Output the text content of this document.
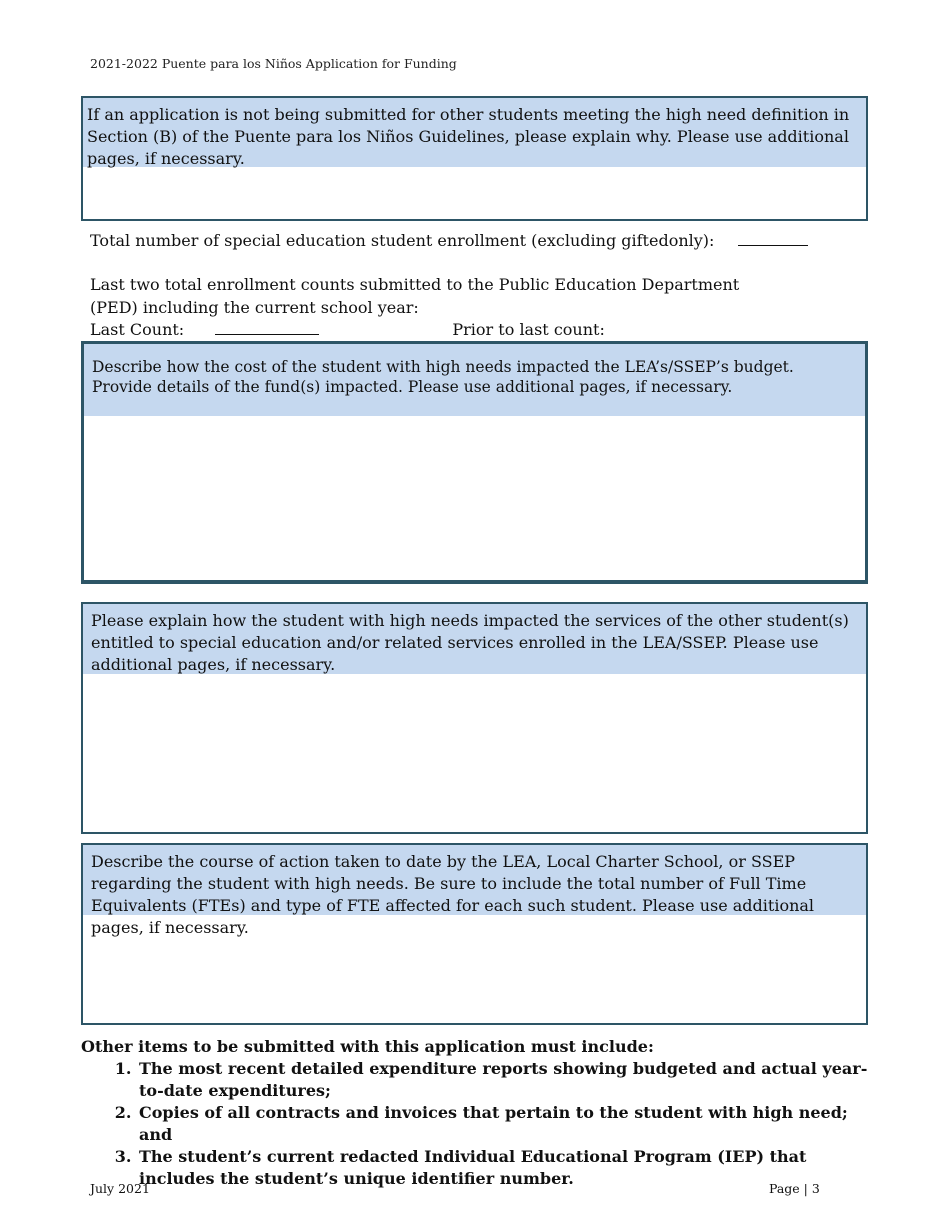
2021-2022 Puente para los Niños Application for Funding
If an application is not being submitted for other students meeting the high need definition in Section (B) of the Puente para los Niños Guidelines, please explain why. Please use additional pages, if necessary.
Total number of special education student enrollment (excluding giftedonly):
Last two total enrollment counts submitted to the Public Education Department
(PED) including the current school year:
Last Count:	Prior to last count:
Describe how the cost of the student with high needs impacted the LEA’s/SSEP’s budget. Provide details of the fund(s) impacted. Please use additional pages, if necessary.
Please explain how the student with high needs impacted the services of the other student(s) entitled to special education and/or related services enrolled in the LEA/SSEP. Please use additional pages, if necessary.
Describe the course of action taken to date by the LEA, Local Charter School, or SSEP regarding the student with high needs. Be sure to include the total number of Full Time Equivalents (FTEs) and type of FTE affected for each such student. Please use additional pages, if necessary.
Other items to be submitted with this application must include:
1. The most recent detailed expenditure reports showing budgeted and actual year-to-date expenditures;
2. Copies of all contracts and invoices that pertain to the student with high need; and
3. The student’s current redacted Individual Educational Program (IEP) that includes the student’s unique identifier number.
July 2021	Page | 3
